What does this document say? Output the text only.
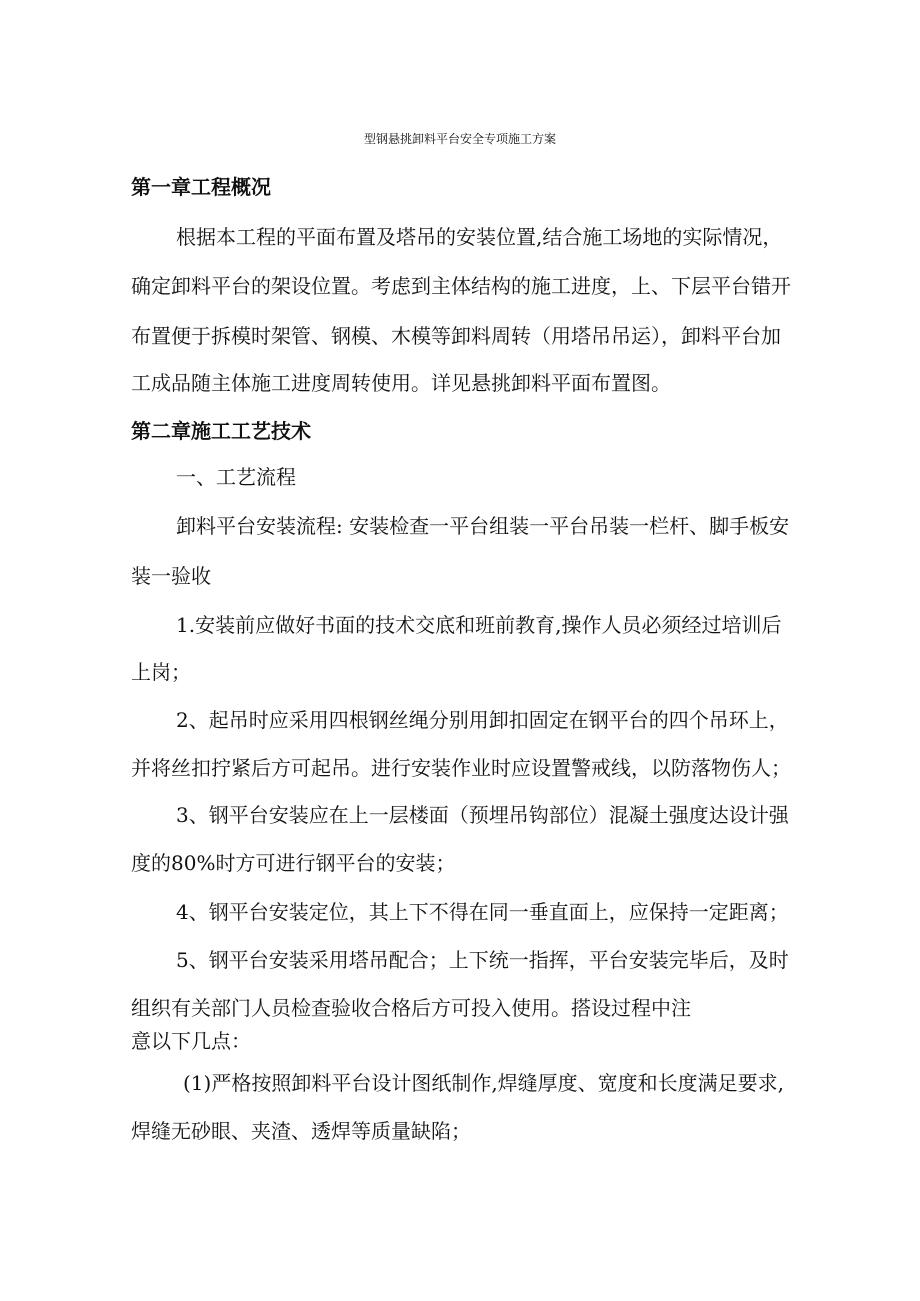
型钢悬挑卸料平台安全专项施工方案
第一章工程概况
根据本工程的平面布置及塔吊的安装位置,结合施工场地的实际情况，
确定卸料平台的架设位置。考虑到主体结构的施工进度，上、下层平台错开
布置便于拆模时架管、钢模、木模等卸料周转（用塔吊吊运），卸料平台加
工成品随主体施工进度周转使用。详见悬挑卸料平面布置图。
第二章施工工艺技术
一、工艺流程
卸料平台安装流程: 安装检查一平台组装一平台吊装一栏杆、脚手板安
装一验收
1.安装前应做好书面的技术交底和班前教育,操作人员必须经过培训后
上岗；
2、起吊时应采用四根钢丝绳分别用卸扣固定在钢平台的四个吊环上，
并将丝扣拧紧后方可起吊。进行安装作业时应设置警戒线，以防落物伤人；
3、钢平台安装应在上一层楼面（预埋吊钩部位）混凝土强度达设计强
度的80%时方可进行钢平台的安装；
4、钢平台安装定位，其上下不得在同一垂直面上，应保持一定距离；
5、钢平台安装采用塔吊配合；上下统一指挥，平台安装完毕后，及时
组织有关部门人员检查验收合格后方可投入使用。搭设过程中注
意以下几点：
(1)严格按照卸料平台设计图纸制作,焊缝厚度、宽度和长度满足要求,
焊缝无砂眼、夹渣、透焊等质量缺陷；
